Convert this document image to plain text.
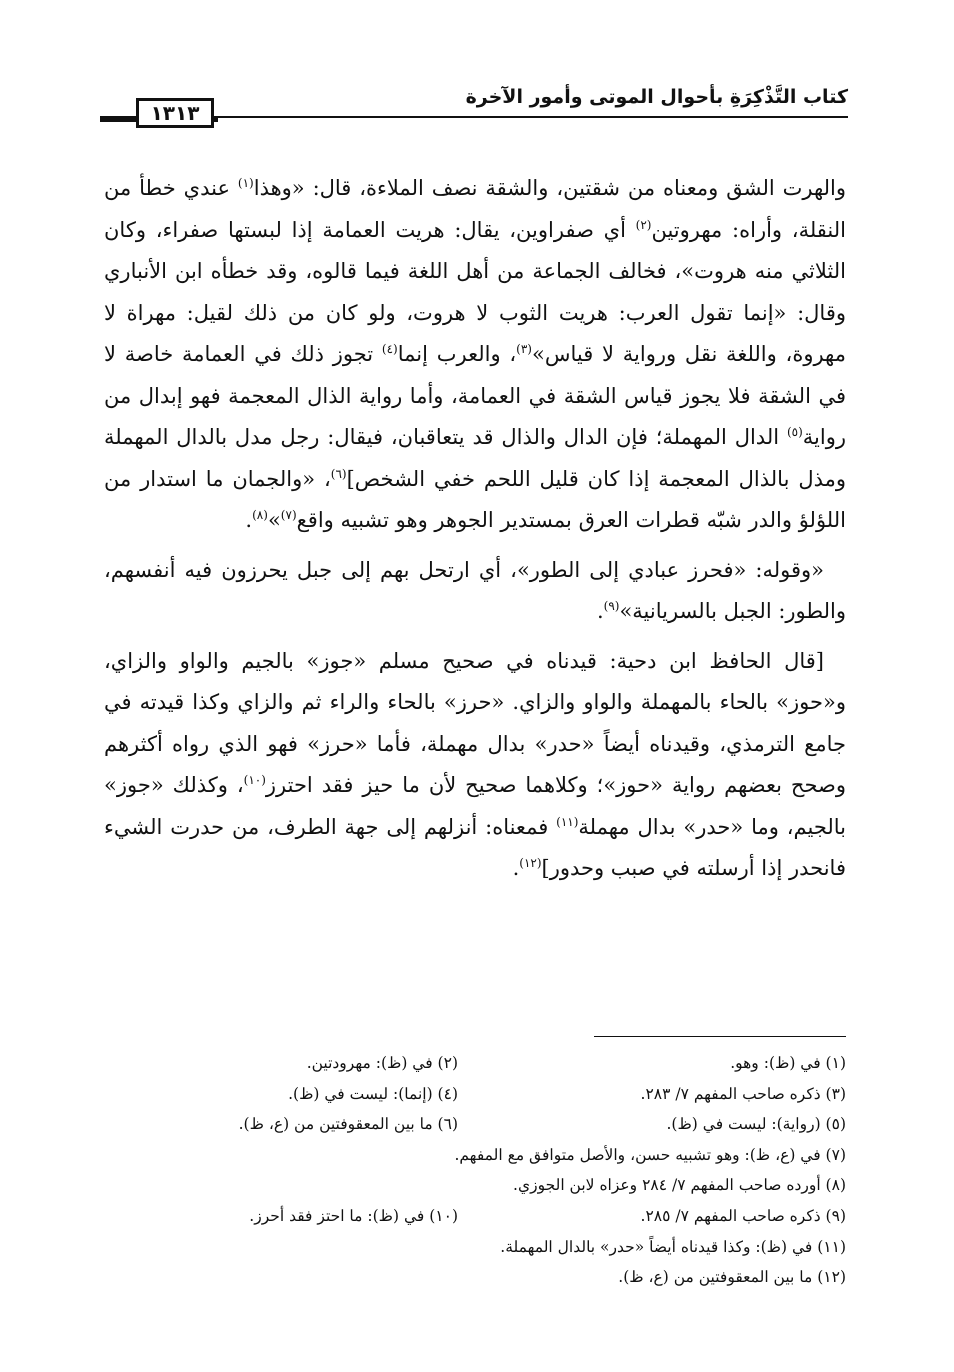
كتاب التَّذْكِرَةِ بأحوال الموتى وأمور الآخرة
١٣١٣

والهرت الشق ومعناه من شقتين، والشقة نصف الملاءة، قال: «وهذا$^{(١)}$ عندي خطأ من النقلة، وأراه: مهروتين$^{(٢)}$ أي صفراوين، يقال: هريت العمامة إذا لبستها صفراء، وكان الثلاثي منه هروت»، فخالف الجماعة من أهل اللغة فيما قالوه، وقد خطأه ابن الأنباري وقال: «إنما تقول العرب: هريت الثوب لا هروت، ولو كان من ذلك لقيل: مهراة لا مهروة، واللغة نقل ورواية لا قياس»$^{(٣)}$، والعرب إنما$^{(٤)}$ تجوز ذلك في العمامة خاصة لا في الشقة فلا يجوز قياس الشقة في العمامة، وأما رواية الذال المعجمة فهو إبدال من رواية$^{(٥)}$ الدال المهملة؛ فإن الدال والذال قد يتعاقبان، فيقال: رجل مدل بالدال المهملة ومذل بالذال المعجمة إذا كان قليل اللحم خفي الشخص]$^{(٦)}$، «والجمان ما استدار من اللؤلؤ والدر شبّه قطرات العرق بمستدير الجوهر وهو تشبيه واقع$^{(٧)}$»$^{(٨)}$.

«وقوله: «فحرز عبادي إلى الطور»، أي ارتحل بهم إلى جبل يحرزون فيه أنفسهم، والطور: الجبل بالسريانية»$^{(٩)}$.

[قال الحافظ ابن دحية: قيدناه في صحيح مسلم «جوز» بالجيم والواو والزاي، و«حوز» بالحاء بالمهملة والواو والزاي. «حرز» بالحاء والراء ثم والزاي وكذا قيدته في جامع الترمذي، وقيدناه أيضاً «حدر» بدال مهملة، فأما «حرز» فهو الذي رواه أكثرهم وصحح بعضهم رواية «حوز»؛ وكلاهما صحيح لأن ما حيز فقد احترز$^{(١٠)}$، وكذلك «جوز» بالجيم، وما «حدر» بدال مهملة$^{(١١)}$ فمعناه: أنزلهم إلى جهة الطرف، من حدرت الشيء فانحدر إذا أرسلته في صبب وحدور]$^{(١٢)}$.

(١) في (ظ): وهو.
(٢) في (ظ): مهرودتين.
(٣) ذكره صاحب المفهم ٧/ ٢٨٣.
(٤) (إنما): ليست في (ظ).
(٥) (رواية): ليست في (ظ).
(٦) ما بين المعقوفتين من (ع، ظ).
(٧) في (ع، ظ): وهو تشبيه حسن، والأصل متوافق مع المفهم.
(٨) أورده صاحب المفهم ٧/ ٢٨٤ وعزاه لابن الجوزي.
(٩) ذكره صاحب المفهم ٧/ ٢٨٥.
(١٠) في (ظ): ما احتز فقد أحرز.
(١١) في (ظ): وكذا قيدناه أيضاً «حدر» بالدال المهملة.
(١٢) ما بين المعقوفتين من (ع، ظ).
